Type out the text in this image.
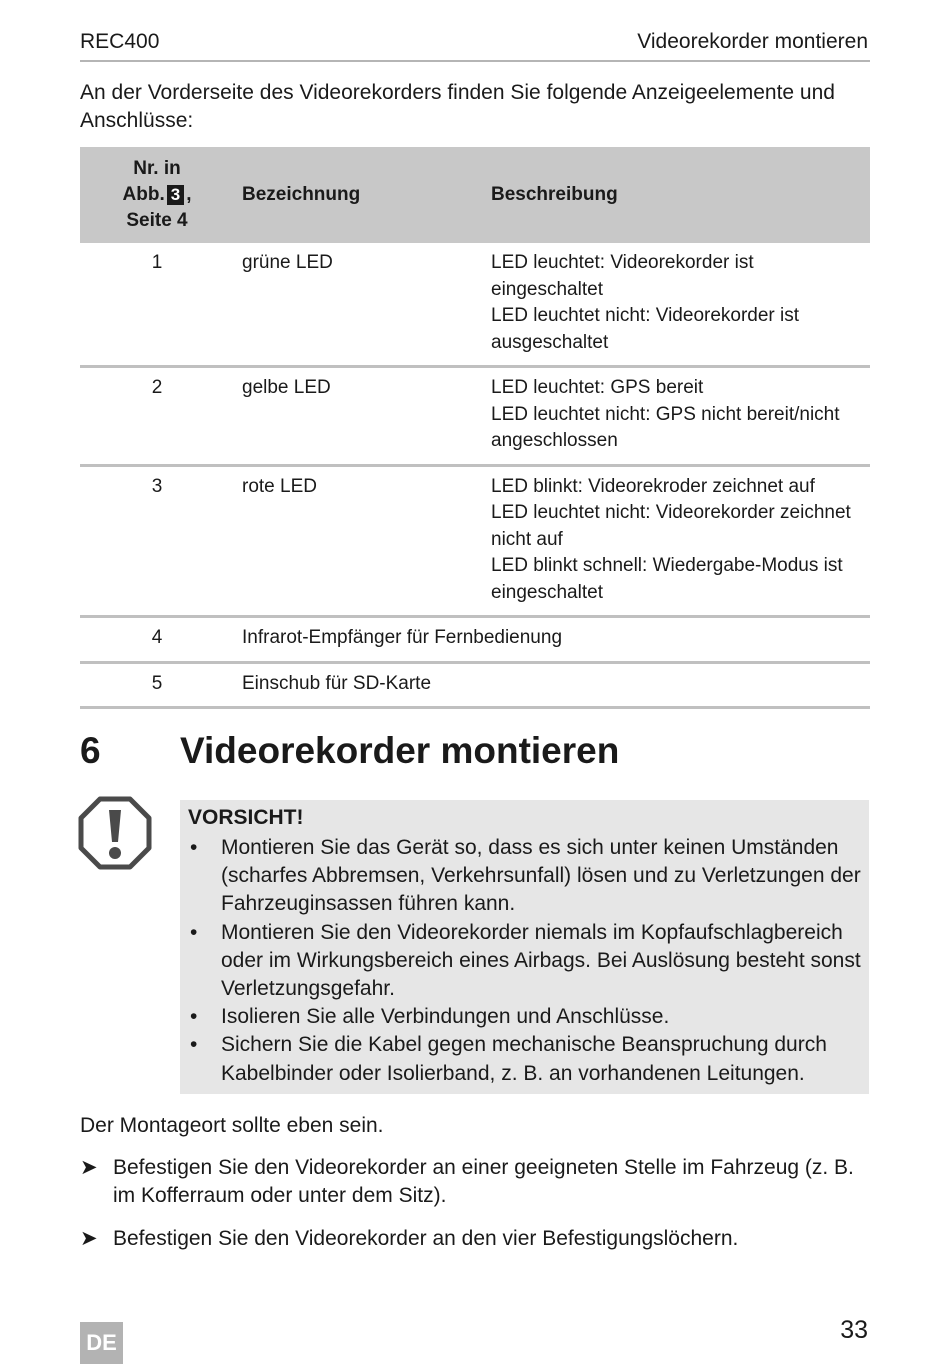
REC400	Videorekorder montieren

An der Vorderseite des Videorekorders finden Sie folgende Anzeigeelemente und Anschlüsse:

Nr. in
Abb. 3 ,
Seite 4	Bezeichnung	Beschreibung
1	grüne LED	LED leuchtet: Videorekorder ist eingeschaltet
LED leuchtet nicht: Videorekorder ist ausgeschaltet

2	gelbe LED	LED leuchtet: GPS bereit
LED leuchtet nicht: GPS nicht bereit/nicht angeschlossen

3	rote LED	LED blinkt: Videorekroder zeichnet auf
LED leuchtet nicht: Videorekorder zeichnet nicht auf
LED blinkt schnell: Wiedergabe-Modus ist eingeschaltet

4	Infrarot-Empfänger für Fernbedienung	
5	Einschub für SD-Karte	
6 Videorekorder montieren
VORSICHT!
• Montieren Sie das Gerät so, dass es sich unter keinen Umständen (scharfes Abbremsen, Verkehrsunfall) lösen und zu Verletzungen der Fahrzeuginsassen führen kann.
• Montieren Sie den Videorekorder niemals im Kopfaufschlagbereich oder im Wirkungsbereich eines Airbags. Bei Auslösung besteht sonst Verletzungsgefahr.
• Isolieren Sie alle Verbindungen und Anschlüsse.
• Sichern Sie die Kabel gegen mechanische Beanspruchung durch Kabelbinder oder Isolierband, z. B. an vorhandenen Leitungen.

Der Montageort sollte eben sein.

➤ Befestigen Sie den Videorekorder an einer geeigneten Stelle im Fahrzeug (z. B. im Kofferraum oder unter dem Sitz).
➤ Befestigen Sie den Videorekorder an den vier Befestigungslöchern.
DE	33
